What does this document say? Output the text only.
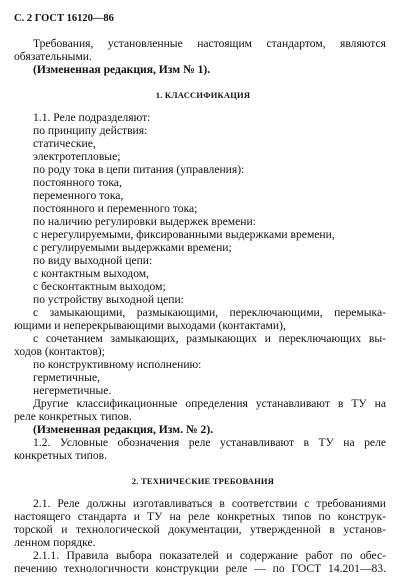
С. 2 ГОСТ 16120—86
Требования, установленные настоящим стандартом, являются
обязательными.
(Измененная редакция, Изм № 1).
1. КЛАССИФИКАЦИЯ
1.1. Реле подразделяют:
по принципу действия:
статические,
электротепловые;
по роду тока в цепи питания (управления):
постоянного тока,
переменного тока,
постоянного и переменного тока;
по наличию регулировки выдержек времени:
с нерегулируемыми, фиксированными выдержками времени,
с регулируемыми выдержками времени;
по виду выходной цепи:
с контактным выходом,
с бесконтактным выходом;
по устройству выходной цепи:
с замыкающими, размыкающими, переключающими, перемыка-
ющими и неперекрывающими выходами (контактами),
с сочетанием замыкающих, размыкающих и переключающих вы-
ходов (контактов);
по конструктивному исполнению:
герметичные,
негерметичные.
Другие классификационные определения устанавливают в ТУ на
реле конкретных типов.
(Измененная редакция, Изм. № 2).
1.2. Условные обозначения реле устанавливают в ТУ на реле
конкретных типов.
2. ТЕХНИЧЕСКИЕ ТРЕБОВАНИЯ
2.1. Реле должны изготавливаться в соответствии с требованиями
настоящего стандарта и ТУ на реле конкретных типов по конструк-
торской и технологической документации, утвержденной в установ-
ленном порядке.
2.1.1. Правила выбора показателей и содержание работ по обес-
печению технологичности конструкции реле — по ГОСТ 14.201—83.
